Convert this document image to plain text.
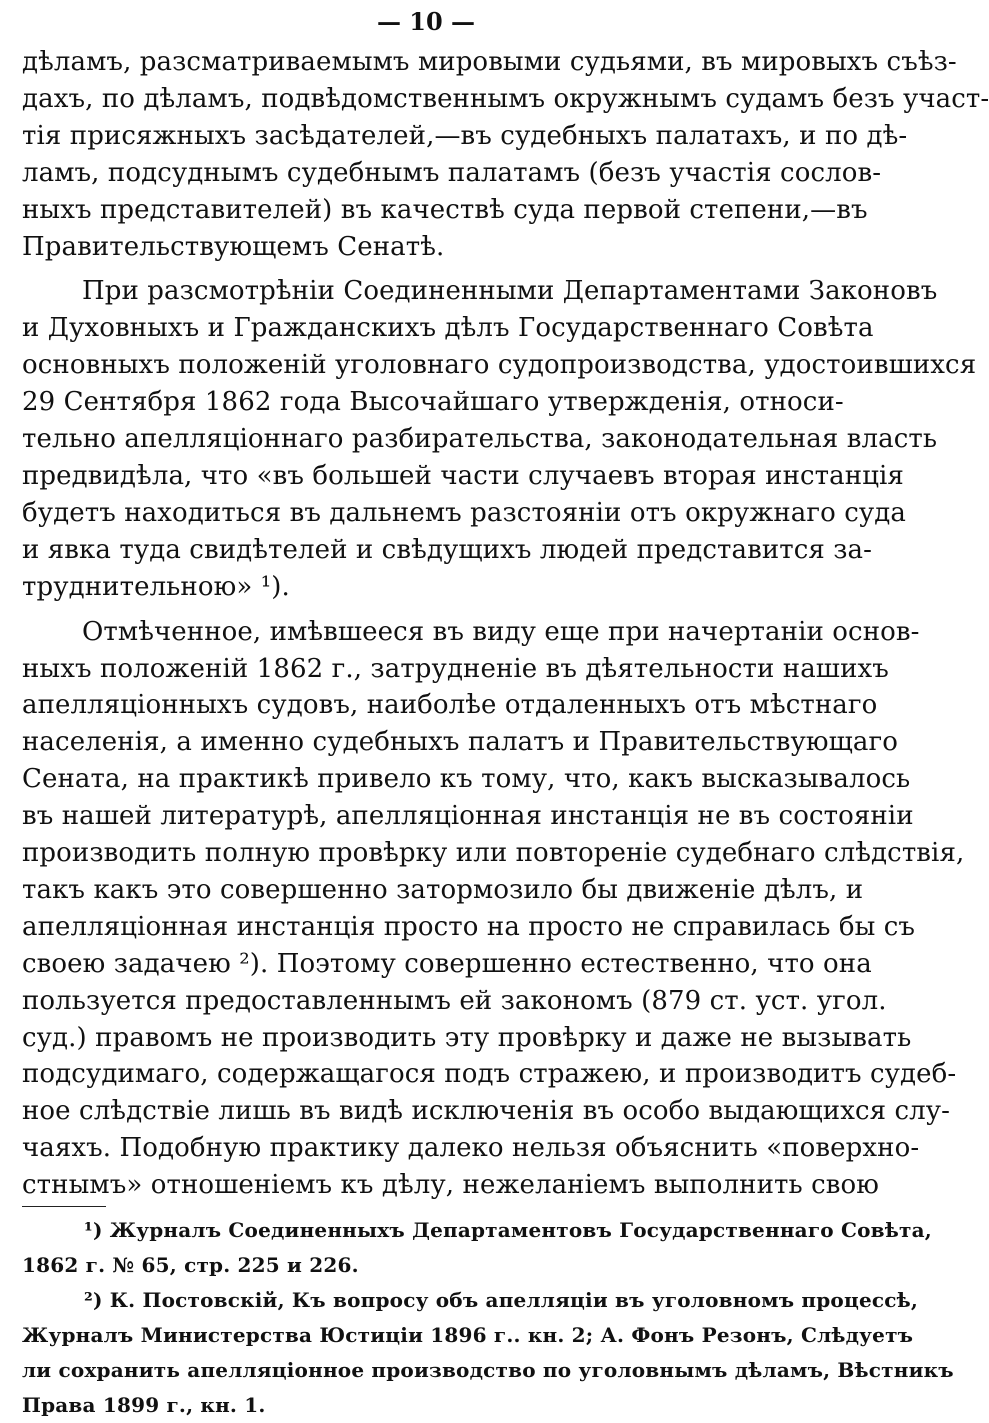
— 10 —
дѣламъ, разсматриваемымъ мировыми судьями, въ мировыхъ съѣз-
дахъ, по дѣламъ, подвѣдомственнымъ окружнымъ судамъ безъ участ-
тія присяжныхъ засѣдателей,—въ судебныхъ палатахъ, и по дѣ-
ламъ, подсуднымъ судебнымъ палатамъ (безъ участія сослов-
ныхъ представителей) въ качествѣ суда первой степени,—въ
Правительствующемъ Сенатѣ.
При разсмотрѣніи Соединенными Департаментами Законовъ
и Духовныхъ и Гражданскихъ дѣлъ Государственнаго Совѣта
основныхъ положеній уголовнаго судопроизводства, удостоившихся
29 Сентября 1862 года Высочайшаго утвержденія, относи-
тельно апелляціоннаго разбирательства, законодательная власть
предвидѣла, что «въ большей части случаевъ вторая инстанція
будетъ находиться въ дальнемъ разстояніи отъ окружнаго суда
и явка туда свидѣтелей и свѣдущихъ людей представится за-
труднительною» ¹).
Отмѣченное, имѣвшееся въ виду еще при начертаніи основ-
ныхъ положеній 1862 г., затрудненіе въ дѣятельности нашихъ
апелляціонныхъ судовъ, наиболѣе отдаленныхъ отъ мѣстнаго
населенія, а именно судебныхъ палатъ и Правительствующаго
Сената, на практикѣ привело къ тому, что, какъ высказывалось
въ нашей литературѣ, апелляціонная инстанція не въ состояніи
производить полную провѣрку или повтореніе судебнаго слѣдствія,
такъ какъ это совершенно затормозило бы движеніе дѣлъ, и
апелляціонная инстанція просто на просто не справилась бы съ
своею задачею ²). Поэтому совершенно естественно, что она
пользуется предоставленнымъ ей закономъ (879 ст. уст. угол.
суд.) правомъ не производить эту провѣрку и даже не вызывать
подсудимаго, содержащагося подъ стражею, и производитъ судеб-
ное слѣдствіе лишь въ видѣ исключенія въ особо выдающихся слу-
чаяхъ. Подобную практику далеко нельзя объяснить «поверхно-
стнымъ» отношеніемъ къ дѣлу, нежеланіемъ выполнить свою
¹) Журналъ Соединенныхъ Департаментовъ Государственнаго Совѣта,
1862 г. № 65, стр. 225 и 226.
²) К. Постовскій, Къ вопросу объ апелляціи въ уголовномъ процессѣ,
Журналъ Министерства Юстиціи 1896 г.. кн. 2; А. Фонъ Резонъ, Слѣдуетъ
ли сохранить апелляціонное производство по уголовнымъ дѣламъ, Вѣстникъ
Права 1899 г., кн. 1.
